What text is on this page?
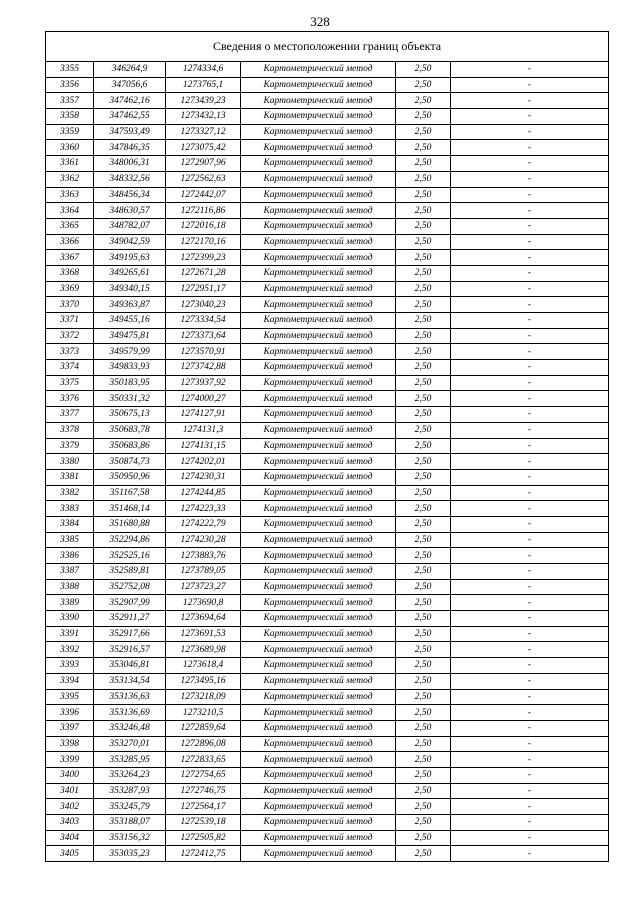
328
Сведения о местоположении границ объекта					
3355	346264,9	1274334,6	Картометрический метод	2,50	-
3356	347056,6	1273765,1	Картометрический метод	2,50	-
3357	347462,16	1273439,23	Картометрический метод	2,50	-
3358	347462,55	1273432,13	Картометрический метод	2,50	-
3359	347593,49	1273327,12	Картометрический метод	2,50	-
3360	347846,35	1273075,42	Картометрический метод	2,50	-
3361	348006,31	1272907,96	Картометрический метод	2,50	-
3362	348332,56	1272562,63	Картометрический метод	2,50	-
3363	348456,34	1272442,07	Картометрический метод	2,50	-
3364	348630,57	1272116,86	Картометрический метод	2,50	-
3365	348782,07	1272016,18	Картометрический метод	2,50	-
3366	349042,59	1272170,16	Картометрический метод	2,50	-
3367	349195,63	1272399,23	Картометрический метод	2,50	-
3368	349265,61	1272671,28	Картометрический метод	2,50	-
3369	349340,15	1272951,17	Картометрический метод	2,50	-
3370	349363,87	1273040,23	Картометрический метод	2,50	-
3371	349455,16	1273334,54	Картометрический метод	2,50	-
3372	349475,81	1273373,64	Картометрический метод	2,50	-
3373	349579,99	1273570,91	Картометрический метод	2,50	-
3374	349833,93	1273742,88	Картометрический метод	2,50	-
3375	350183,95	1273937,92	Картометрический метод	2,50	-
3376	350331,32	1274000,27	Картометрический метод	2,50	-
3377	350675,13	1274127,91	Картометрический метод	2,50	-
3378	350683,78	1274131,3	Картометрический метод	2,50	-
3379	350683,86	1274131,15	Картометрический метод	2,50	-
3380	350874,73	1274202,01	Картометрический метод	2,50	-
3381	350950,96	1274230,31	Картометрический метод	2,50	-
3382	351167,58	1274244,85	Картометрический метод	2,50	-
3383	351468,14	1274223,33	Картометрический метод	2,50	-
3384	351680,88	1274222,79	Картометрический метод	2,50	-
3385	352294,86	1274230,28	Картометрический метод	2,50	-
3386	352525,16	1273883,76	Картометрический метод	2,50	-
3387	352589,81	1273789,05	Картометрический метод	2,50	-
3388	352752,08	1273723,27	Картометрический метод	2,50	-
3389	352907,99	1273690,8	Картометрический метод	2,50	-
3390	352911,27	1273694,64	Картометрический метод	2,50	-
3391	352917,66	1273691,53	Картометрический метод	2,50	-
3392	352916,57	1273689,98	Картометрический метод	2,50	-
3393	353046,81	1273618,4	Картометрический метод	2,50	-
3394	353134,54	1273495,16	Картометрический метод	2,50	-
3395	353136,63	1273218,09	Картометрический метод	2,50	-
3396	353136,69	1273210,5	Картометрический метод	2,50	-
3397	353246,48	1272859,64	Картометрический метод	2,50	-
3398	353270,01	1272896,08	Картометрический метод	2,50	-
3399	353285,95	1272833,65	Картометрический метод	2,50	-
3400	353264,23	1272754,65	Картометрический метод	2,50	-
3401	353287,93	1272746,75	Картометрический метод	2,50	-
3402	353245,79	1272564,17	Картометрический метод	2,50	-
3403	353188,07	1272539,18	Картометрический метод	2,50	-
3404	353156,32	1272505,82	Картометрический метод	2,50	-
3405	353035,23	1272412,75	Картометрический метод	2,50	-
